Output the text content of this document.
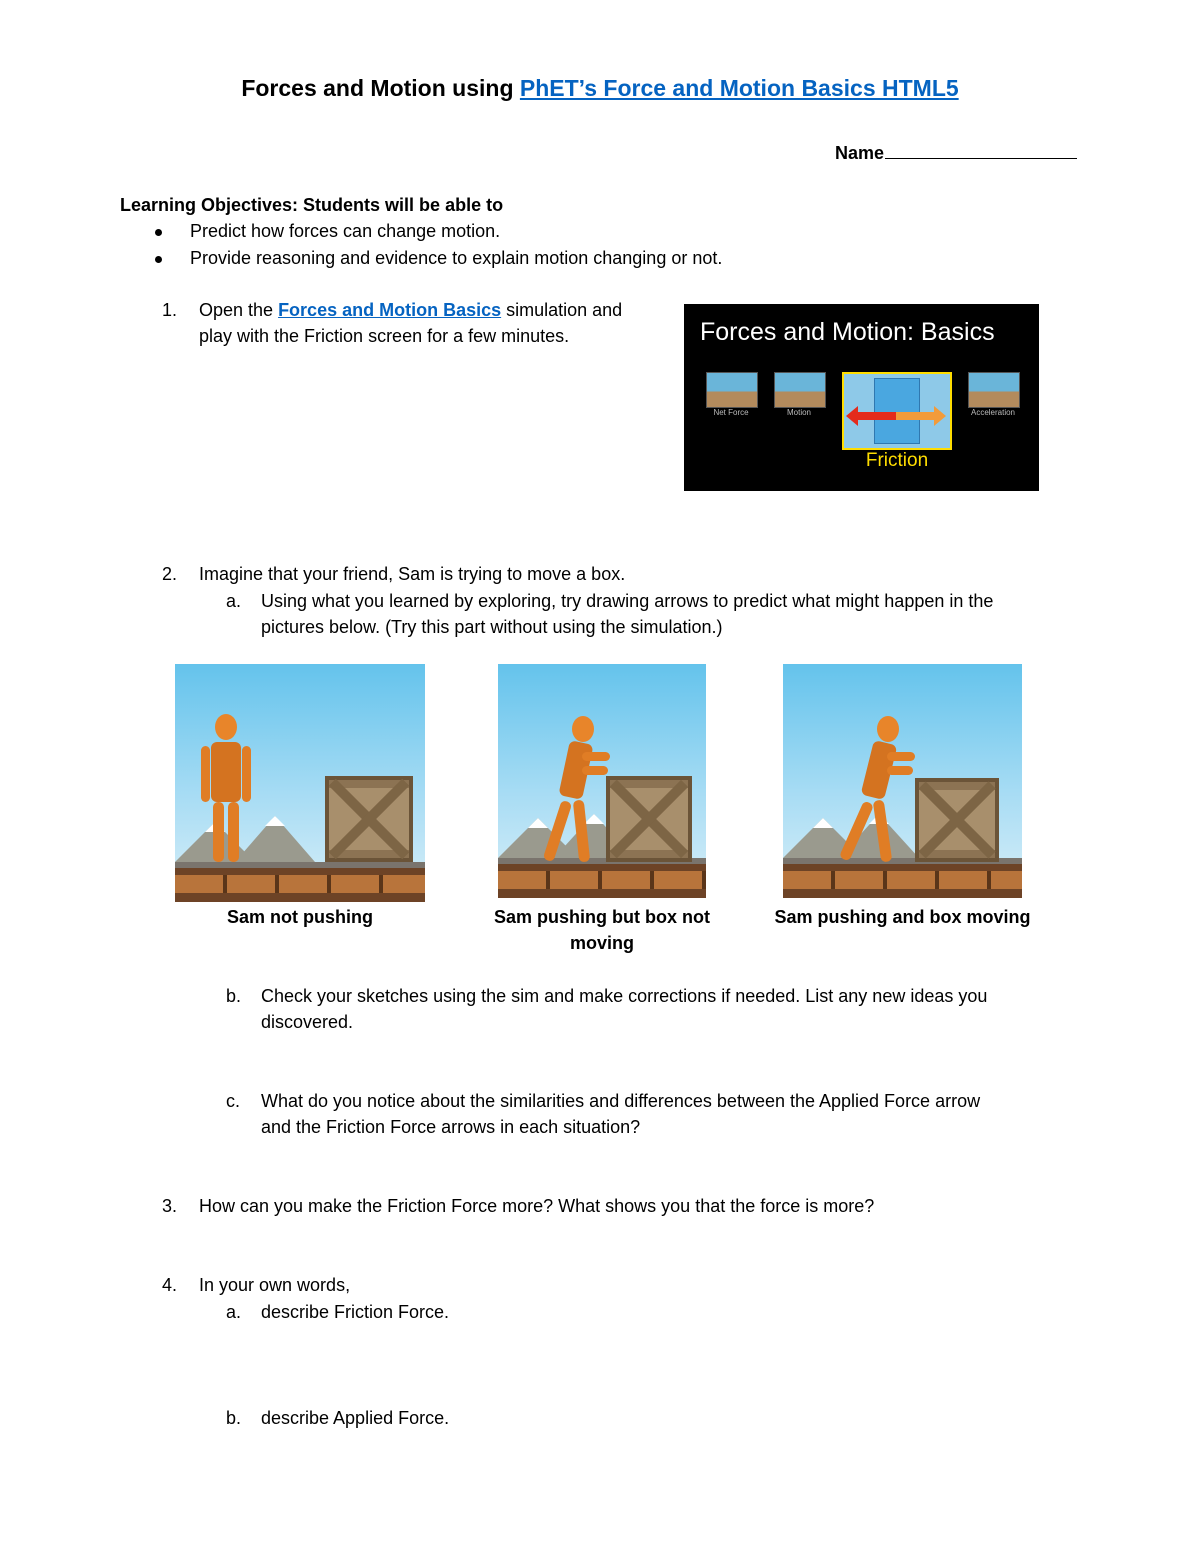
Forces and Motion using PhET’s Force and Motion Basics HTML5
Name
Learning Objectives: Students will be able to
Predict how forces can change motion.
Provide reasoning and evidence to explain motion changing or not.
1. Open the Forces and Motion Basics simulation and
play with the Friction screen for a few minutes.	Forces and Motion: Basics
Net Force	Motion
Friction
Acceleration
2. Imagine that your friend, Sam is trying to move a box.
a. Using what you learned by exploring, try drawing arrows to predict what might happen in the
pictures below. (Try this part without using the simulation.)
Sam not pushing	Sam pushing but box not
moving
Sam pushing and box moving
b. Check your sketches using the sim and make corrections if needed. List any new ideas you
discovered.
c. What do you notice about the similarities and differences between the Applied Force arrow
and the Friction Force arrows in each situation?
3. How can you make the Friction Force more? What shows you that the force is more?
4. In your own words,
a. describe Friction Force.
b. describe Applied Force.
